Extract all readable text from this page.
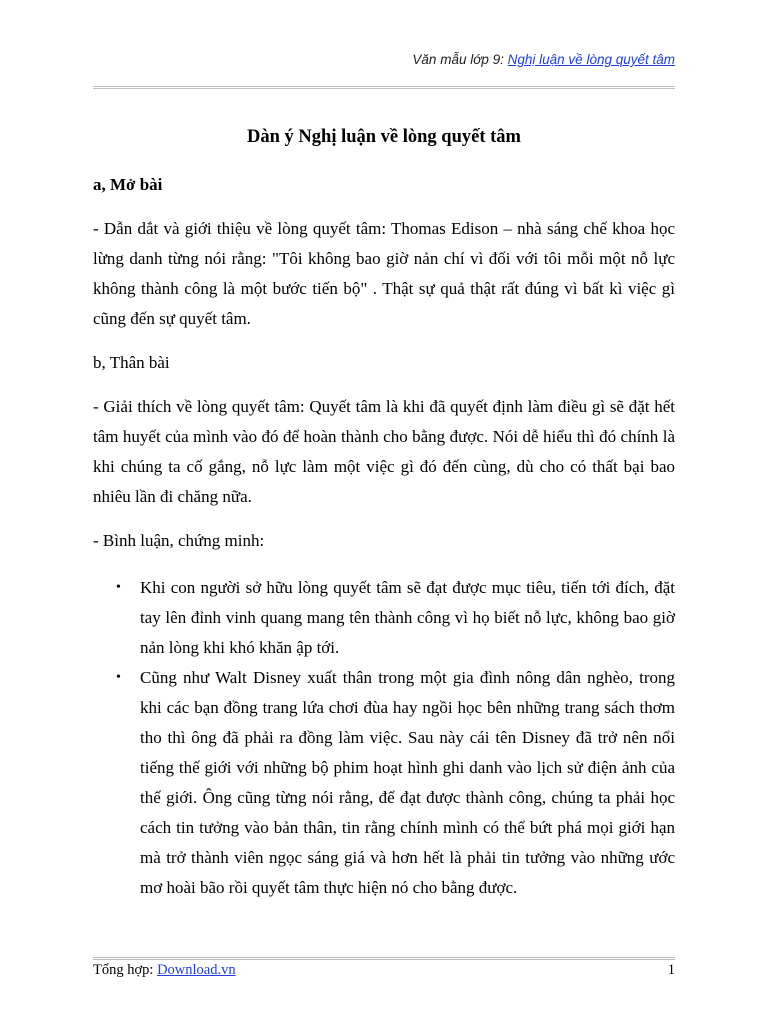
Văn mẫu lớp 9: Nghị luận về lòng quyết tâm
Dàn ý Nghị luận về lòng quyết tâm

a, Mở bài

- Dẫn dắt và giới thiệu về lòng quyết tâm: Thomas Edison – nhà sáng chế khoa học lừng danh từng nói rằng: "Tôi không bao giờ nản chí vì đối với tôi mỗi một nỗ lực không thành công là một bước tiến bộ" . Thật sự quả thật rất đúng vì bất kì việc gì cũng đến sự quyết tâm.

b, Thân bài

- Giải thích về lòng quyết tâm: Quyết tâm là khi đã quyết định làm điều gì sẽ đặt hết tâm huyết của mình vào đó để hoàn thành cho bằng được. Nói dễ hiểu thì đó chính là khi chúng ta cố gắng, nỗ lực làm một việc gì đó đến cùng, dù cho có thất bại bao nhiêu lần đi chăng nữa.

- Bình luận, chứng minh:

• Khi con người sở hữu lòng quyết tâm sẽ đạt được mục tiêu, tiến tới đích, đặt tay lên đỉnh vinh quang mang tên thành công vì họ biết nỗ lực, không bao giờ nản lòng khi khó khăn ập tới.
• Cũng như Walt Disney xuất thân trong một gia đình nông dân nghèo, trong khi các bạn đồng trang lứa chơi đùa hay ngồi học bên những trang sách thơm tho thì ông đã phải ra đồng làm việc. Sau này cái tên Disney đã trở nên nổi tiếng thế giới với những bộ phim hoạt hình ghi danh vào lịch sử điện ảnh của thế giới. Ông cũng từng nói rằng, để đạt được thành công, chúng ta phải học cách tin tưởng vào bản thân, tin rằng chính mình có thể bứt phá mọi giới hạn mà trở thành viên ngọc sáng giá và hơn hết là phải tin tưởng vào những ước mơ hoài bão rồi quyết tâm thực hiện nó cho bằng được.
Tổng hợp: Download.vn	1
